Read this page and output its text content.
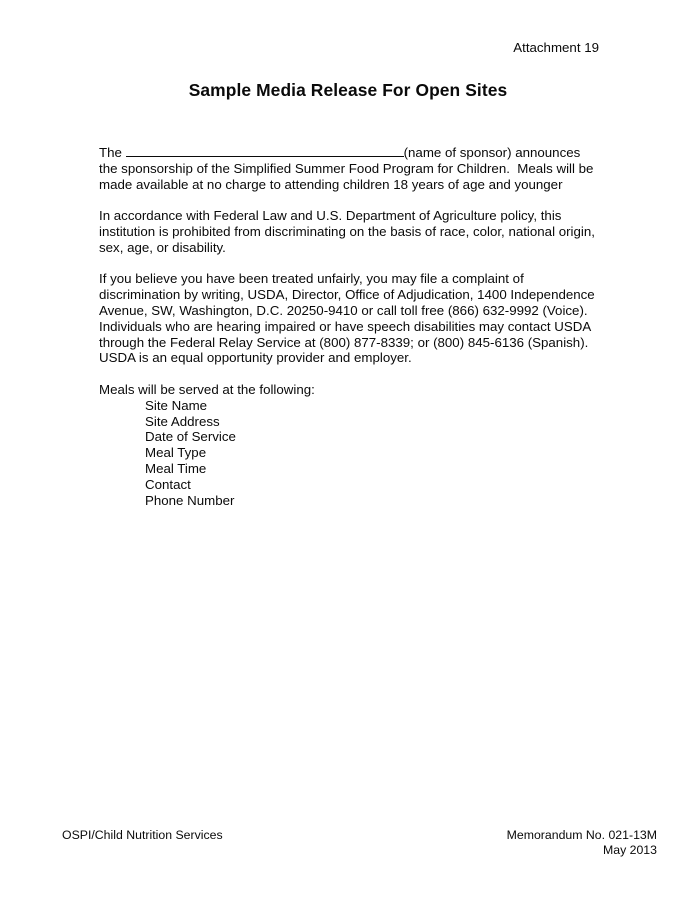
Attachment 19
Sample Media Release For Open Sites

The	(name of sponsor) announces the sponsorship of the Simplified Summer Food Program for Children.  Meals will be made available at no charge to attending children 18 years of age and younger

In accordance with Federal Law and U.S. Department of Agriculture policy, this institution is prohibited from discriminating on the basis of race, color, national origin, sex, age, or disability.

If you believe you have been treated unfairly, you may file a complaint of discrimination by writing, USDA, Director, Office of Adjudication, 1400 Independence Avenue, SW, Washington, D.C. 20250-9410 or call toll free (866) 632-9992 (Voice).  Individuals who are hearing impaired or have speech disabilities may contact USDA through the Federal Relay Service at (800) 877-8339; or (800) 845-6136 (Spanish).  USDA is an equal opportunity provider and employer.

Meals will be served at the following:
Site Name
Site Address
Date of Service
Meal Type
Meal Time
Contact
Phone Number
OSPI/Child Nutrition Services	Memorandum No. 021-13M
May 2013
